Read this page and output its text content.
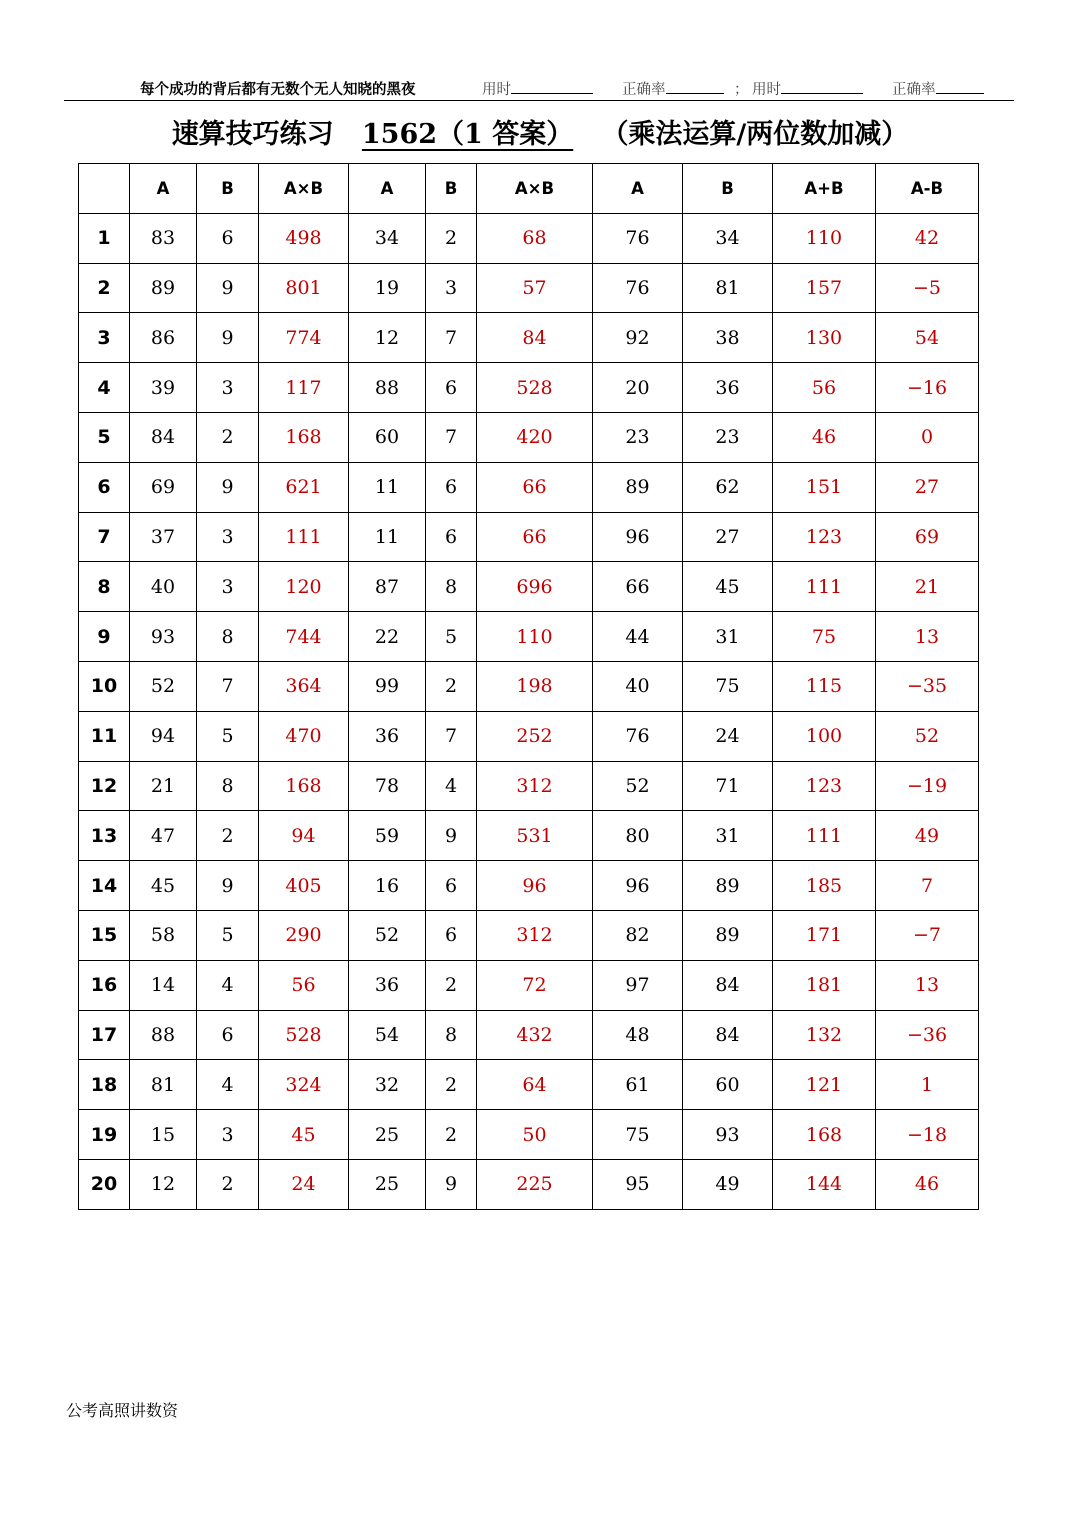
每个成功的背后都有无数个无人知晓的黑夜	用时	正确率	； 用时	正确率
速算技巧练习 1562（1 答案） （乘法运算/两位数加减）
	A	B	A×B	A	B	A×B	A	B	A+B	A-B
1	83	6	498	34	2	68	76	34	110	42
2	89	9	801	19	3	57	76	81	157	−5
3	86	9	774	12	7	84	92	38	130	54
4	39	3	117	88	6	528	20	36	56	−16
5	84	2	168	60	7	420	23	23	46	0
6	69	9	621	11	6	66	89	62	151	27
7	37	3	111	11	6	66	96	27	123	69
8	40	3	120	87	8	696	66	45	111	21
9	93	8	744	22	5	110	44	31	75	13
10	52	7	364	99	2	198	40	75	115	−35
11	94	5	470	36	7	252	76	24	100	52
12	21	8	168	78	4	312	52	71	123	−19
13	47	2	94	59	9	531	80	31	111	49
14	45	9	405	16	6	96	96	89	185	7
15	58	5	290	52	6	312	82	89	171	−7
16	14	4	56	36	2	72	97	84	181	13
17	88	6	528	54	8	432	48	84	132	−36
18	81	4	324	32	2	64	61	60	121	1
19	15	3	45	25	2	50	75	93	168	−18
20	12	2	24	25	9	225	95	49	144	46
公考高照讲数资
